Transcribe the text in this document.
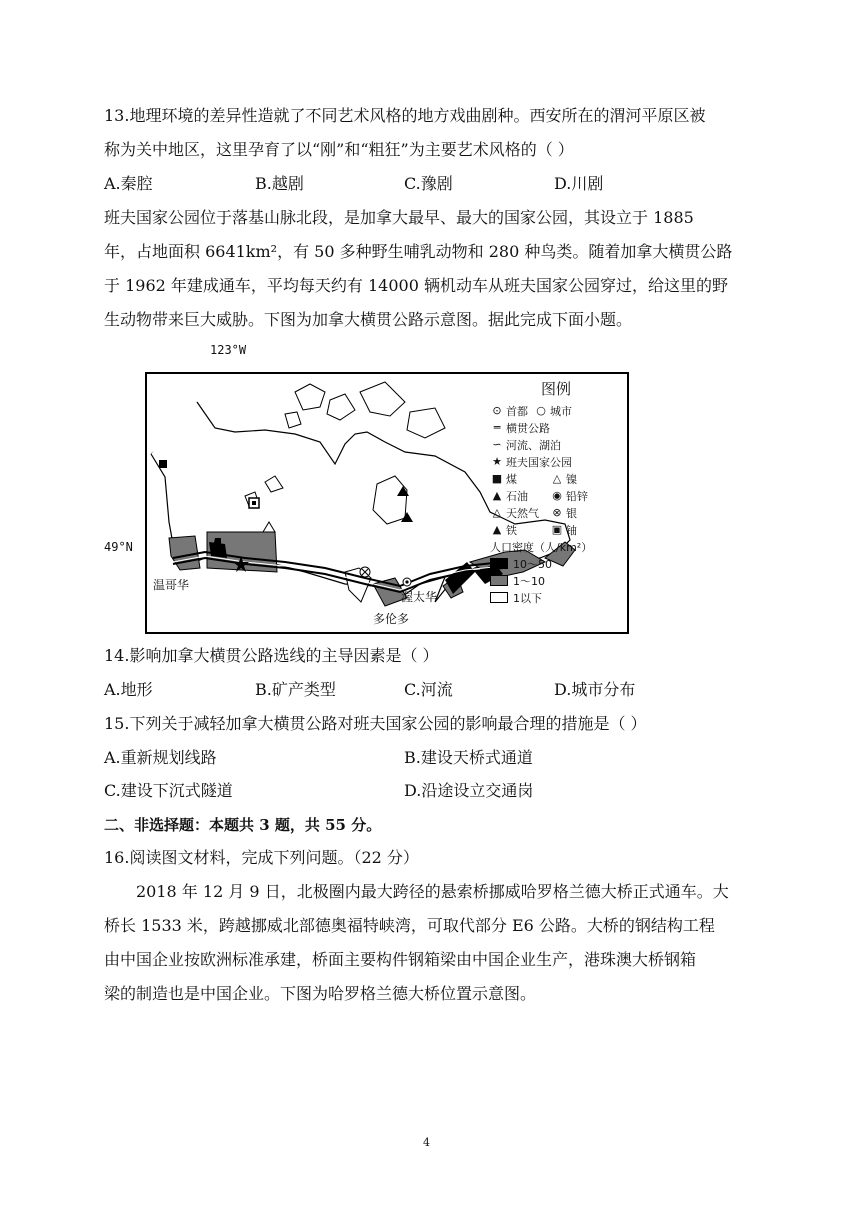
13.地理环境的差异性造就了不同艺术风格的地方戏曲剧种。西安所在的渭河平原区被
称为关中地区，这里孕育了以“刚”和“粗狂”为主要艺术风格的（ ）
A.秦腔	B.越剧	C.豫剧	D.川剧
班夫国家公园位于落基山脉北段，是加拿大最早、最大的国家公园，其设立于 1885
年，占地面积 6641km²，有 50 多种野生哺乳动物和 280 种鸟类。随着加拿大横贯公路
于 1962 年建成通车，平均每天约有 14000 辆机动车从班夫国家公园穿过，给这里的野
生动物带来巨大威胁。下图为加拿大横贯公路示意图。据此完成下面小题。
123°W
49°N
温哥华
渥太华
多伦多
图例
⊙ 首都 ○ 城市
═ 横贯公路
∽ 河流、湖泊
★ 班夫国家公园
■ 煤	△ 镍
▲ 石油	◉ 铅锌
△ 天然气	⊗ 银
▲ 铁	▣ 铀
人口密度（人/km²）
10～50
1～10
1以下
14.影响加拿大横贯公路选线的主导因素是（ ）
A.地形	B.矿产类型	C.河流	D.城市分布
15.下列关于减轻加拿大横贯公路对班夫国家公园的影响最合理的措施是（ ）
A.重新规划线路	B.建设天桥式通道
C.建设下沉式隧道	D.沿途设立交通岗
二、非选择题：本题共 3 题，共 55 分。
16.阅读图文材料，完成下列问题。（22 分）
2018 年 12 月 9 日，北极圈内最大跨径的悬索桥挪威哈罗格兰德大桥正式通车。大
桥长 1533 米，跨越挪威北部德奥福特峡湾，可取代部分 E6 公路。大桥的钢结构工程
由中国企业按欧洲标准承建，桥面主要构件钢箱梁由中国企业生产，港珠澳大桥钢箱
梁的制造也是中国企业。下图为哈罗格兰德大桥位置示意图。
4
